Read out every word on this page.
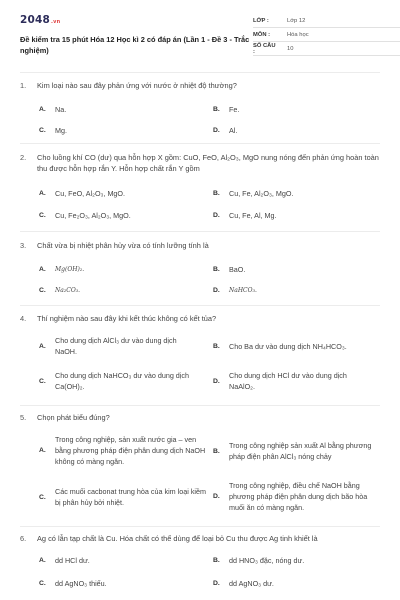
2048.vn
Đề kiểm tra 15 phút Hóa 12 Học kì 2 có đáp án (Lần 1 - Đề 3 - Trắc nghiệm)
LỚP :	Lớp 12
MÔN :	Hóa học
SỐ CÂU :	10
1. Kim loại nào sau đây phản ứng với nước ở nhiệt độ thường?
A. Na.	B. Fe.
C. Mg.	D. Al.
2. Cho luồng khí CO (dư) qua hỗn hợp X gồm: CuO, FeO, Al₂O₃, MgO nung nóng đến phản ứng hoàn toàn thu được hỗn hợp rắn Y. Hỗn hợp chất rắn Y gồm
A. Cu, FeO, Al₂O₃, MgO.	B. Cu, Fe, Al₂O₃, MgO.
C. Cu, Fe₂O₃, Al₂O₃, MgO.	D. Cu, Fe, Al, Mg.
3. Chất vừa bị nhiệt phân hủy vừa có tính lưỡng tính là
A. Mg(OH)₂.	B. BaO.
C. Na₂CO₃.	D. NaHCO₃.
4. Thí nghiệm nào sau đây khi kết thúc không có kết tủa?
A.
Cho dung dịch AlCl₃ dư vào dung dịch NaOH.
B. Cho Ba dư vào dung dịch NH₄HCO₃.
C.
Cho dung dịch NaHCO₃ dư vào dung dịch Ca(OH)₂.
D.
Cho dung dịch HCl dư vào dung dịch NaAlO₂.
5. Chọn phát biểu đúng?
A.
Trong công nghiệp, sản xuất nước gia – ven bằng phương pháp điện phân dung dịch NaOH không có màng ngăn.
B.
Trong công nghiệp sản xuất Al bằng phương pháp điện phân AlCl₃ nóng chảy
C.
Các muối cacbonat trung hòa của kim loại kiềm bị phân hủy bởi nhiệt.
D.
Trong công nghiệp, điều chế NaOH bằng phương pháp điện phân dung dịch bão hòa muối ăn có màng ngăn.
6. Ag có lẫn tạp chất là Cu. Hóa chất có thể dùng để loại bỏ Cu thu được Ag tinh khiết là
A. dd HCl dư.	B. dd HNO₃ đặc, nóng dư.
C. dd AgNO₃ thiếu.	D. dd AgNO₃ dư.
